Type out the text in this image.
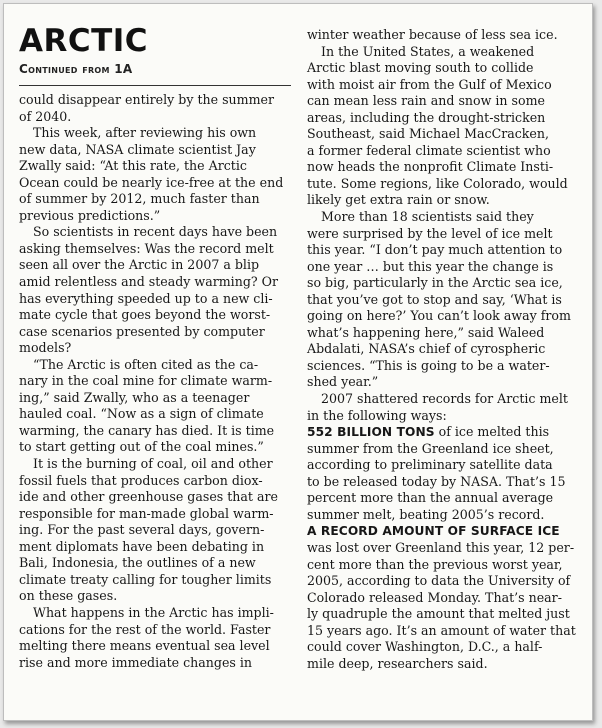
ARCTIC
Continued from 1A
could disappear entirely by the summer
of 2040.
This week, after reviewing his own
new data, NASA climate scientist Jay
Zwally said: “At this rate, the Arctic
Ocean could be nearly ice-free at the end
of summer by 2012, much faster than
previous predictions.”
So scientists in recent days have been
asking themselves: Was the record melt
seen all over the Arctic in 2007 a blip
amid relentless and steady warming? Or
has everything speeded up to a new cli-
mate cycle that goes beyond the worst-
case scenarios presented by computer
models?
“The Arctic is often cited as the ca-
nary in the coal mine for climate warm-
ing,” said Zwally, who as a teenager
hauled coal. “Now as a sign of climate
warming, the canary has died. It is time
to start getting out of the coal mines.”
It is the burning of coal, oil and other
fossil fuels that produces carbon diox-
ide and other greenhouse gases that are
responsible for man-made global warm-
ing. For the past several days, govern-
ment diplomats have been debating in
Bali, Indonesia, the outlines of a new
climate treaty calling for tougher limits
on these gases.
What happens in the Arctic has impli-
cations for the rest of the world. Faster
melting there means eventual sea level
rise and more immediate changes in
winter weather because of less sea ice.
In the United States, a weakened
Arctic blast moving south to collide
with moist air from the Gulf of Mexico
can mean less rain and snow in some
areas, including the drought-stricken
Southeast, said Michael MacCracken,
a former federal climate scientist who
now heads the nonprofit Climate Insti-
tute. Some regions, like Colorado, would
likely get extra rain or snow.
More than 18 scientists said they
were surprised by the level of ice melt
this year. “I don’t pay much attention to
one year … but this year the change is
so big, particularly in the Arctic sea ice,
that you’ve got to stop and say, ‘What is
going on here?’ You can’t look away from
what’s happening here,” said Waleed
Abdalati, NASA’s chief of cyrospheric
sciences. “This is going to be a water-
shed year.”
2007 shattered records for Arctic melt
in the following ways:
552 BILLION TONS of ice melted this
summer from the Greenland ice sheet,
according to preliminary satellite data
to be released today by NASA. That’s 15
percent more than the annual average
summer melt, beating 2005’s record.
A RECORD AMOUNT OF SURFACE ICE
was lost over Greenland this year, 12 per-
cent more than the previous worst year,
2005, according to data the University of
Colorado released Monday. That’s near-
ly quadruple the amount that melted just
15 years ago. It’s an amount of water that
could cover Washington, D.C., a half-
mile deep, researchers said.
